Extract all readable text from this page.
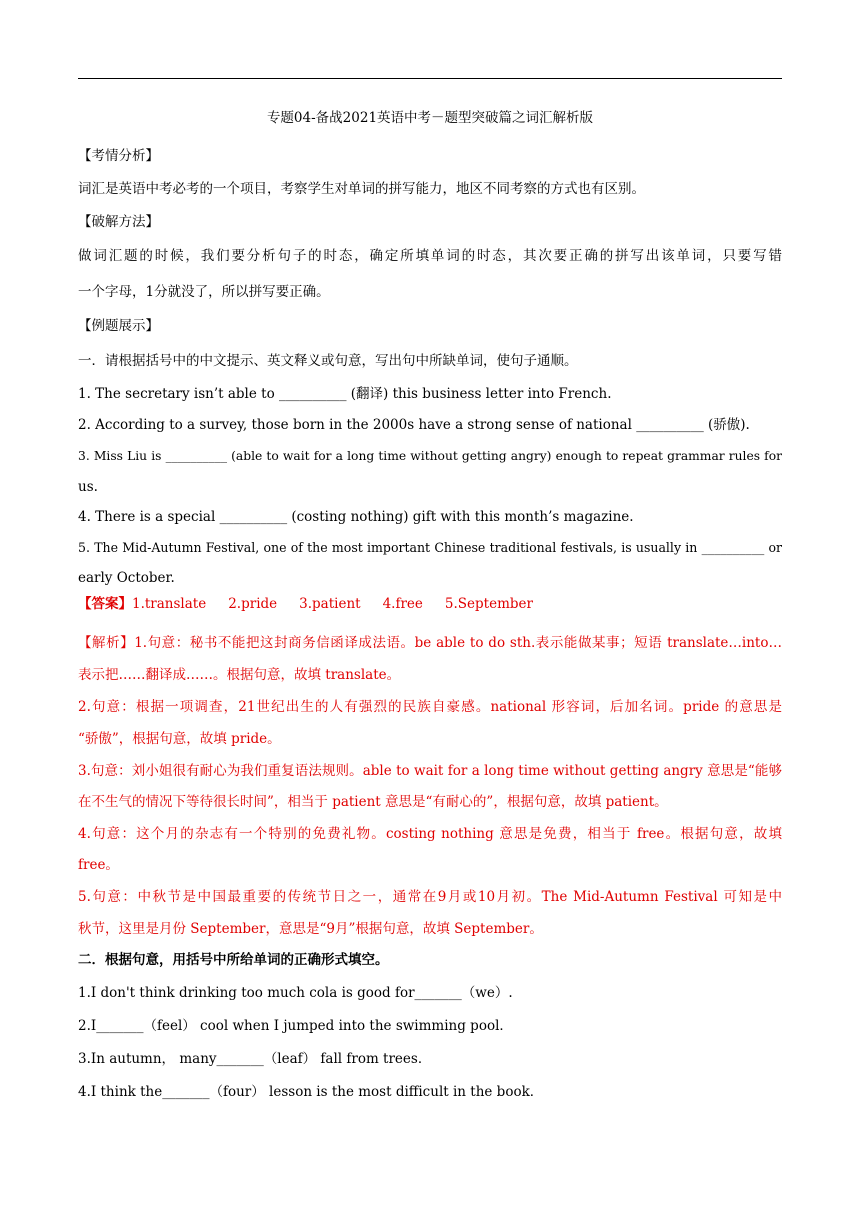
专题04-备战2021英语中考－题型突破篇之词汇解析版
【考情分析】
词汇是英语中考必考的一个项目，考察学生对单词的拼写能力，地区不同考察的方式也有区别。
【破解方法】
做词汇题的时候，我们要分析句子的时态，确定所填单词的时态，其次要正确的拼写出该单词，只要写错
一个字母，1分就没了，所以拼写要正确。
【例题展示】
一．请根据括号中的中文提示、英文释义或句意，写出句中所缺单词，使句子通顺。
1. The secretary isn’t able to __________ (翻译) this business letter into French.
2. According to a survey, those born in the 2000s have a strong sense of national __________ (骄傲).
3. Miss Liu is __________ (able to wait for a long time without getting angry) enough to repeat grammar rules for
us.
4. There is a special __________ (costing nothing) gift with this month’s magazine.
5. The Mid-Autumn Festival, one of the most important Chinese traditional festivals, is usually in __________ or
early October.
【答案】1.translate 2.pride 3.patient 4.free 5.September
【解析】1.句意：秘书不能把这封商务信函译成法语。be able to do sth.表示能做某事；短语 translate…into…
表示把……翻译成……。根据句意，故填 translate。
2.句意：根据一项调查，21世纪出生的人有强烈的民族自豪感。national 形容词，后加名词。pride 的意思是
“骄傲”，根据句意，故填 pride。
3.句意：刘小姐很有耐心为我们重复语法规则。able to wait for a long time without getting angry 意思是“能够
在不生气的情况下等待很长时间”，相当于 patient 意思是“有耐心的”，根据句意，故填 patient。
4.句意：这个月的杂志有一个特别的免费礼物。costing nothing 意思是免费，相当于 free。根据句意，故填
free。
5.句意：中秋节是中国最重要的传统节日之一，通常在9月或10月初。The Mid-Autumn Festival 可知是中
秋节，这里是月份 September，意思是“9月”根据句意，故填 September。
二．根据句意，用括号中所给单词的正确形式填空。
1.I don't think drinking too much cola is good for_______（we）.
2.I_______（feel） cool when I jumped into the swimming pool．
3.In autumn， many_______（leaf） fall from trees．
4.I think the_______（four） lesson is the most difficult in the book．
